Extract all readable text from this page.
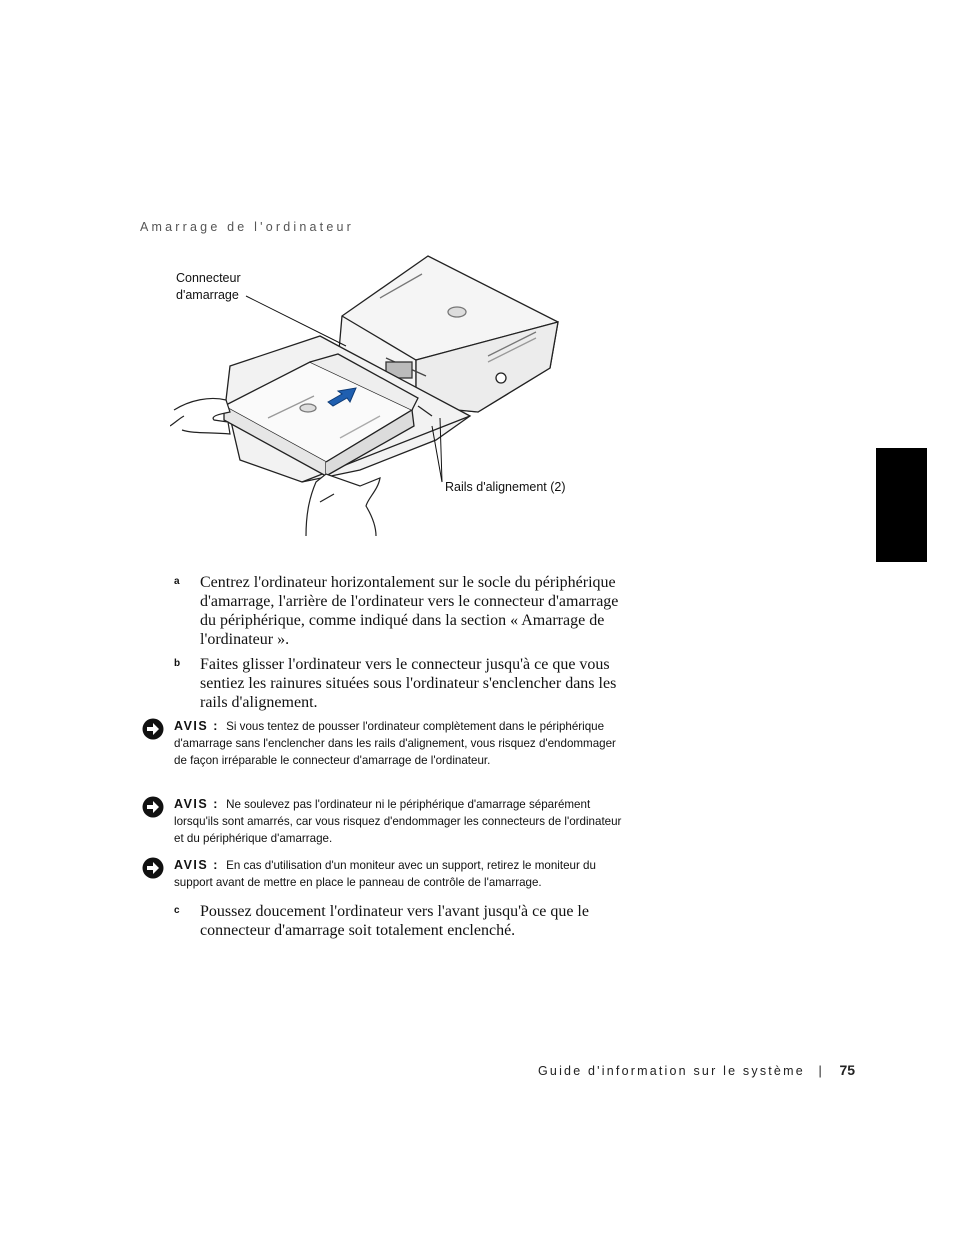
Amarrage de l'ordinateur
Connecteur
d'amarrage
Rails d'alignement (2)
a Centrez l'ordinateur horizontalement sur le socle du périphérique d'amarrage, l'arrière de l'ordinateur vers le connecteur d'amarrage du périphérique, comme indiqué dans la section « Amarrage de l'ordinateur ».
b Faites glisser l'ordinateur vers le connecteur jusqu'à ce que vous sentiez les rainures situées sous l'ordinateur s'enclencher dans les rails d'alignement.
AVIS : Si vous tentez de pousser l'ordinateur complètement dans le périphérique d'amarrage sans l'enclencher dans les rails d'alignement, vous risquez d'endommager de façon irréparable le connecteur d'amarrage de l'ordinateur.
AVIS : Ne soulevez pas l'ordinateur ni le périphérique d'amarrage séparément lorsqu'ils sont amarrés, car vous risquez d'endommager les connecteurs de l'ordinateur et du périphérique d'amarrage.
AVIS : En cas d'utilisation d'un moniteur avec un support, retirez le moniteur du support avant de mettre en place le panneau de contrôle de l'amarrage.
c Poussez doucement l'ordinateur vers l'avant jusqu'à ce que le connecteur d'amarrage soit totalement enclenché.
Guide d'information sur le système | 75
